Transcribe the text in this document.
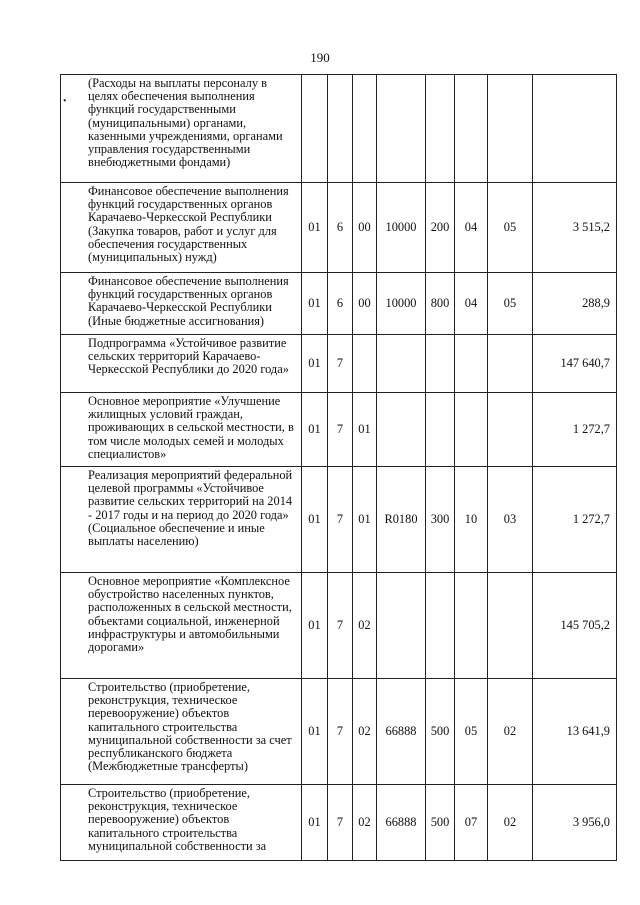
190
•
(Расходы на выплаты персоналу в целях обеспечения выполнения функций государственными (муниципальными) органами, казенными учреждениями, органами управления государственными внебюджетными фондами)								
Финансовое обеспечение выполнения функций государственных органов Карачаево-Черкесской Республики (Закупка товаров, работ и услуг для обеспечения государственных (муниципальных) нужд)	01	6	00	10000	200	04	05	3 515,2
Финансовое обеспечение выполнения функций государственных органов Карачаево-Черкесской Республики (Иные бюджетные ассигнования)	01	6	00	10000	800	04	05	288,9
Подпрограмма «Устойчивое развитие сельских территорий Карачаево-Черкесской Республики до 2020 года»	01	7						147 640,7
Основное мероприятие «Улучшение жилищных условий граждан, проживающих в сельской местности, в том числе молодых семей и молодых специалистов»	01	7	01					1 272,7
Реализация мероприятий федеральной целевой программы «Устойчивое развитие сельских территорий на 2014 - 2017 годы и на период до 2020 года» (Социальное обеспечение и иные выплаты населению)	01	7	01	R0180	300	10	03	1 272,7
Основное мероприятие «Комплексное обустройство населенных пунктов, расположенных в сельской местности, объектами социальной, инженерной инфраструктуры и автомобильными дорогами»	01	7	02					145 705,2
Строительство (приобретение, реконструкция, техническое перевооружение) объектов капитального строительства муниципальной собственности за счет республиканского бюджета (Межбюджетные трансферты)	01	7	02	66888	500	05	02	13 641,9
Строительство (приобретение, реконструкция, техническое перевооружение) объектов капитального строительства муниципальной собственности за	01	7	02	66888	500	07	02	3 956,0
